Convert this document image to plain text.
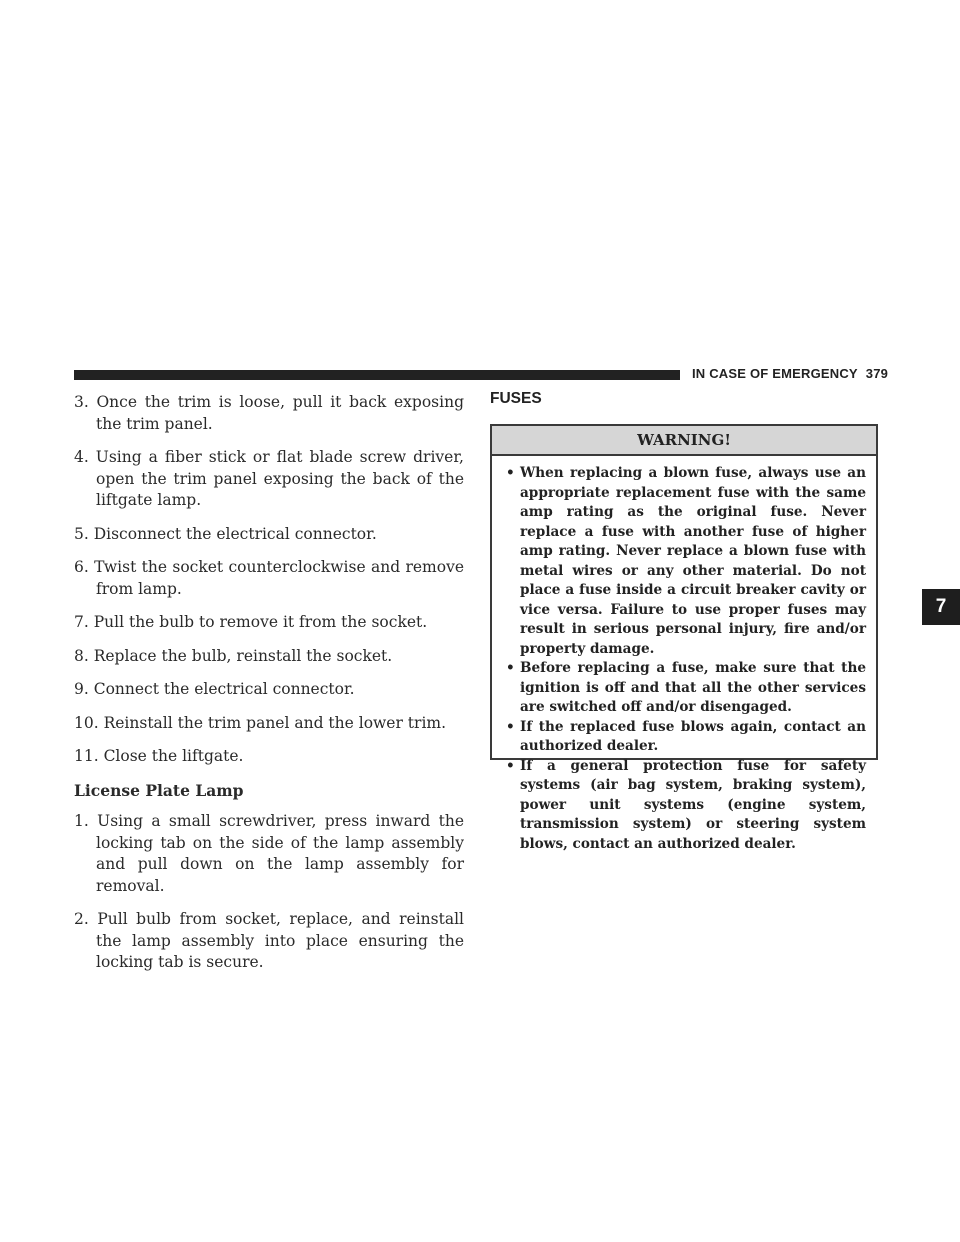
IN CASE OF EMERGENCY 379

3. Once the trim is loose, pull it back exposing the trim panel.

4. Using a fiber stick or flat blade screw driver, open the trim panel exposing the back of the liftgate lamp.

5. Disconnect the electrical connector.

6. Twist the socket counterclockwise and remove from lamp.

7. Pull the bulb to remove it from the socket.

8. Replace the bulb, reinstall the socket.

9. Connect the electrical connector.

10. Reinstall the trim panel and the lower trim.

11. Close the liftgate.

License Plate Lamp

1. Using a small screwdriver, press inward the locking tab on the side of the lamp assembly and pull down on the lamp assembly for removal.

2. Pull bulb from socket, replace, and reinstall the lamp assembly into place ensuring the locking tab is secure.

FUSES
WARNING!
• When replacing a blown fuse, always use an appropriate replacement fuse with the same amp rating as the original fuse. Never replace a fuse with another fuse of higher amp rating. Never replace a blown fuse with metal wires or any other material. Do not place a fuse inside a circuit breaker cavity or vice versa. Failure to use proper fuses may result in serious personal injury, fire and/or property damage.
• Before replacing a fuse, make sure that the ignition is off and that all the other services are switched off and/or disengaged.
• If the replaced fuse blows again, contact an authorized dealer.
• If a general protection fuse for safety systems (air bag system, braking system), power unit systems (engine system, transmission system) or steering system blows, contact an authorized dealer.
7
